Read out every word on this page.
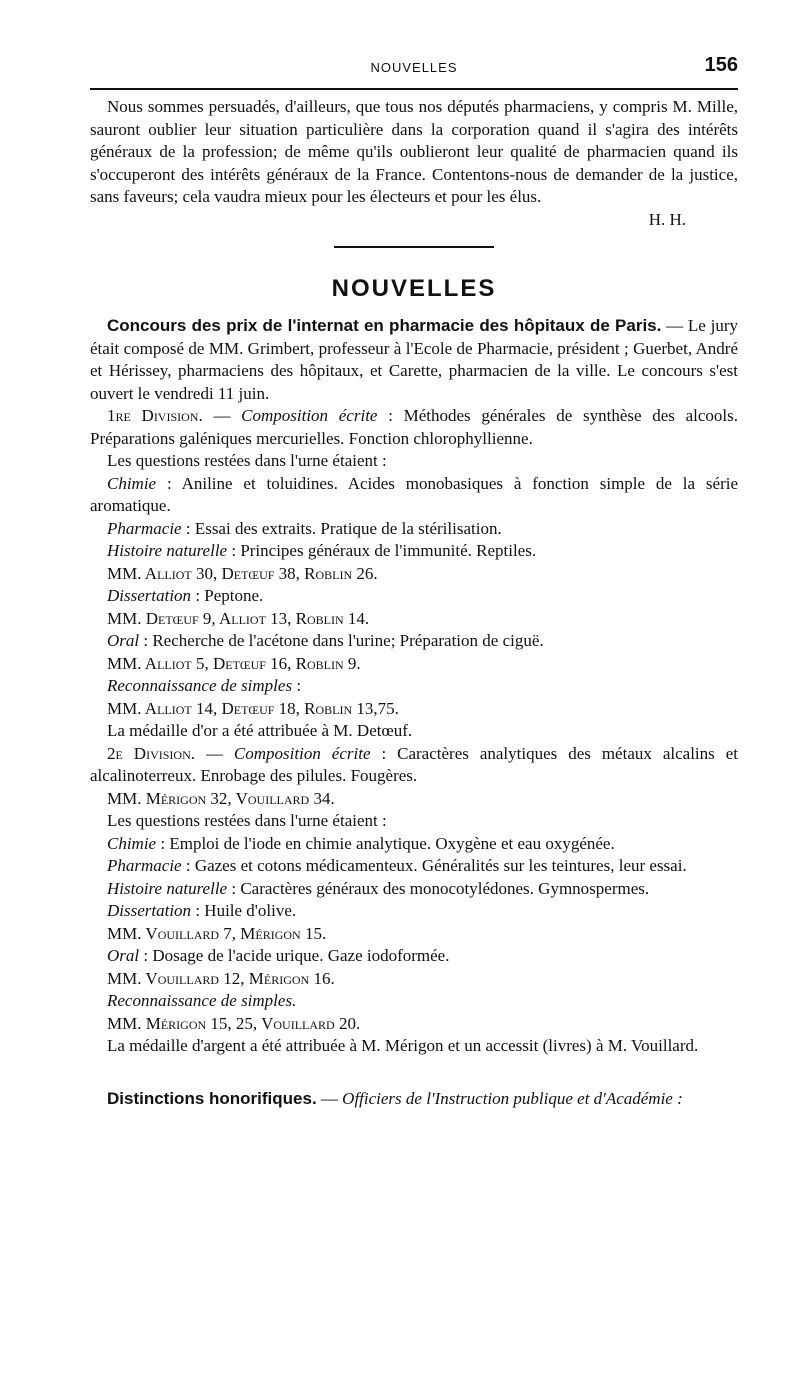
NOUVELLES	156

Nous sommes persuadés, d'ailleurs, que tous nos députés pharmaciens, y compris M. Mille, sauront oublier leur situation particulière dans la corporation quand il s'agira des intérêts généraux de la profession; de même qu'ils oublieront leur qualité de pharmacien quand ils s'occuperont des intérêts généraux de la France. Contentons-nous de demander de la justice, sans faveurs; cela vaudra mieux pour les électeurs et pour les élus.

H. H.
NOUVELLES

Concours des prix de l'internat en pharmacie des hôpitaux de Paris. — Le jury était composé de MM. Grimbert, professeur à l'Ecole de Pharmacie, président ; Guerbet, André et Hérissey, pharmaciens des hôpitaux, et Carette, pharmacien de la ville. Le concours s'est ouvert le vendredi 11 juin.

1re Division. — Composition écrite : Méthodes générales de synthèse des alcools. Préparations galéniques mercurielles. Fonction chlorophyllienne.

Les questions restées dans l'urne étaient :

Chimie : Aniline et toluidines. Acides monobasiques à fonction simple de la série aromatique.

Pharmacie : Essai des extraits. Pratique de la stérilisation.
Histoire naturelle : Principes généraux de l'immunité. Reptiles.
MM. Alliot 30, Detœuf 38, Roblin 26.
Dissertation : Peptone.
MM. Detœuf 9, Alliot 13, Roblin 14.
Oral : Recherche de l'acétone dans l'urine; Préparation de ciguë.
MM. Alliot 5, Detœuf 16, Roblin 9.
Reconnaissance de simples :
MM. Alliot 14, Detœuf 18, Roblin 13,75.
La médaille d'or a été attribuée à M. Detœuf.

2e Division. — Composition écrite : Caractères analytiques des métaux alcalins et alcalinoterreux. Enrobage des pilules. Fougères.

MM. Mérigon 32, Vouillard 34.
Les questions restées dans l'urne étaient :
Chimie : Emploi de l'iode en chimie analytique. Oxygène et eau oxygénée.

Pharmacie : Gazes et cotons médicamenteux. Généralités sur les teintures, leur essai.

Histoire naturelle : Caractères généraux des monocotylédones. Gymnospermes.

Dissertation : Huile d'olive.
MM. Vouillard 7, Mérigon 15.
Oral : Dosage de l'acide urique. Gaze iodoformée.
MM. Vouillard 12, Mérigon 16.
Reconnaissance de simples.
MM. Mérigon 15, 25, Vouillard 20.

La médaille d'argent a été attribuée à M. Mérigon et un accessit (livres) à M. Vouillard.

Distinctions honorifiques. — Officiers de l'Instruction publique et d'Académie :
